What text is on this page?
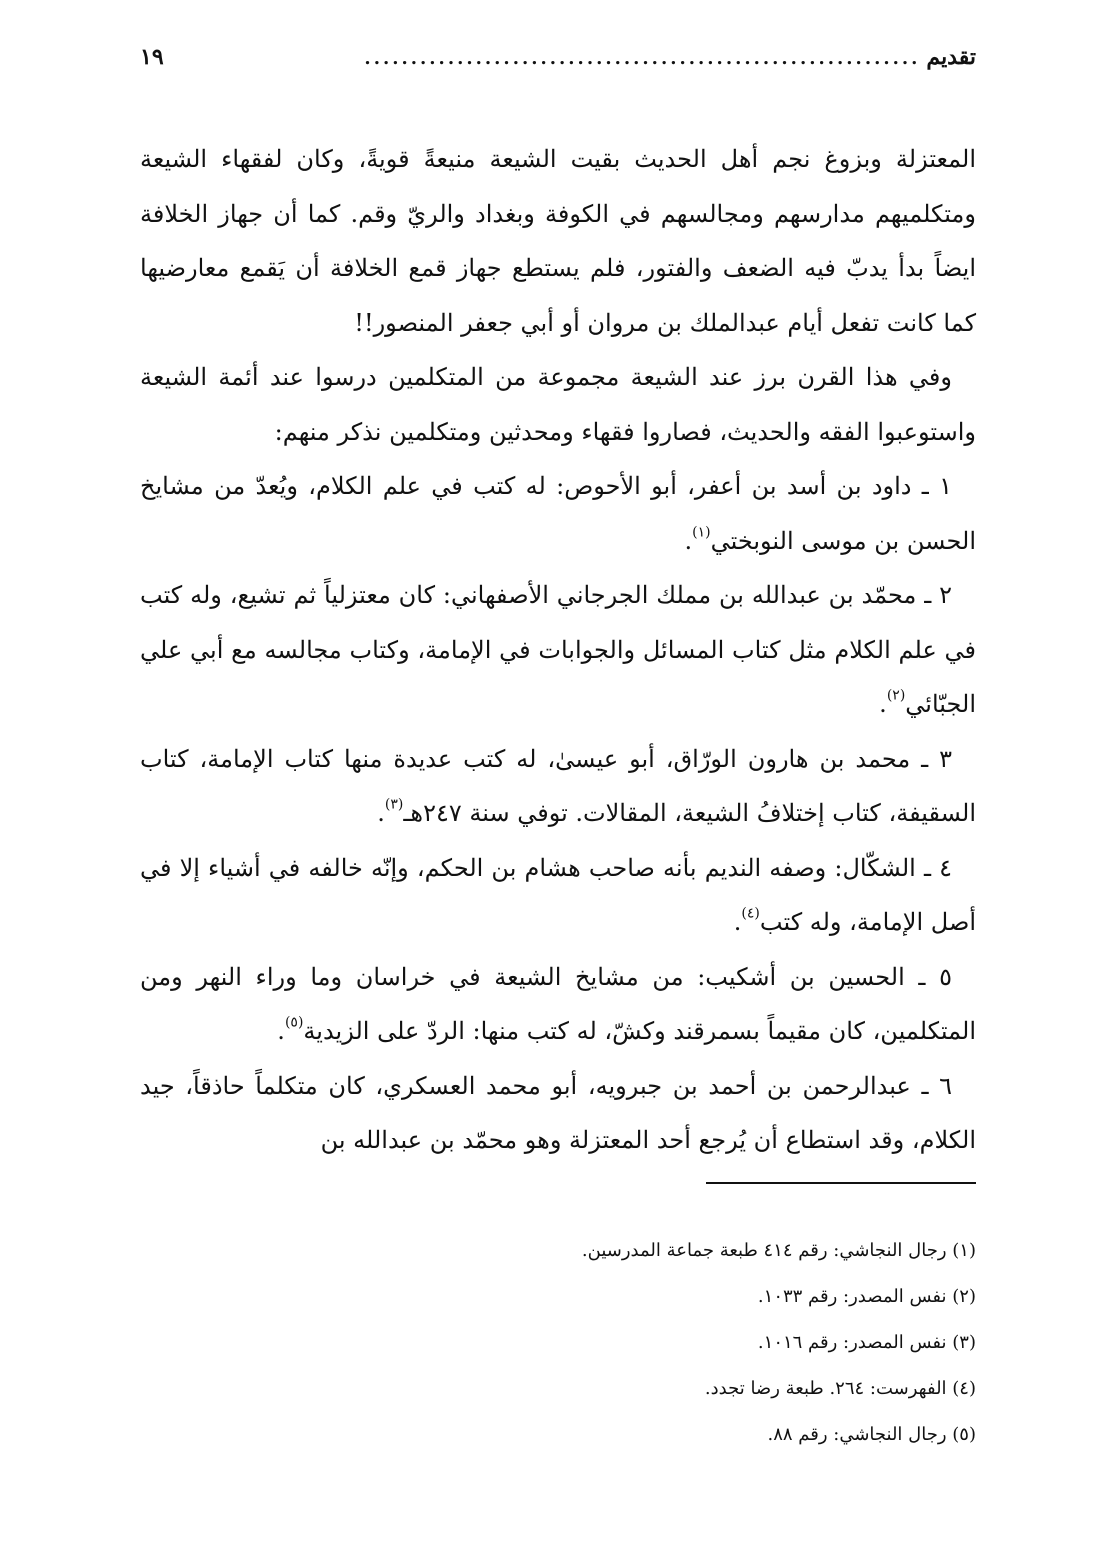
تقديم
............................................................
١٩

المعتزلة وبزوغ نجم أهل الحديث بقيت الشيعة منيعةً قويةً، وكان لفقهاء الشيعة ومتكلميهم مدارسهم ومجالسهم في الكوفة وبغداد والريّ وقم. كما أن جهاز الخلافة ايضاً بدأ يدبّ فيه الضعف والفتور، فلم يستطع جهاز قمع الخلافة أن يَقمع معارضيها كما كانت تفعل أيام عبدالملك بن مروان أو أبي جعفر المنصور!!

وفي هذا القرن برز عند الشيعة مجموعة من المتكلمين درسوا عند أئمة الشيعة واستوعبوا الفقه والحديث، فصاروا فقهاء ومحدثين ومتكلمين نذكر منهم:

١ ـ داود بن أسد بن أعفر، أبو الأحوص: له كتب في علم الكلام، ويُعدّ من مشايخ الحسن بن موسى النوبختي$^{(١)}$.

٢ ـ محمّد بن عبدالله بن مملك الجرجاني الأصفهاني: كان معتزلياً ثم تشيع، وله كتب في علم الكلام مثل كتاب المسائل والجوابات في الإمامة، وكتاب مجالسه مع أبي علي الجبّائي$^{(٢)}$.

٣ ـ محمد بن هارون الورّاق، أبو عيسىٰ، له كتب عديدة منها كتاب الإمامة، كتاب السقيفة، كتاب إختلافُ الشيعة، المقالات. توفي سنة ٢٤٧هـ$^{(٣)}$.

٤ ـ الشكّال: وصفه النديم بأنه صاحب هشام بن الحكم، وإنّه خالفه في أشياء إلا في أصل الإمامة، وله كتب$^{(٤)}$.

٥ ـ الحسين بن أشكيب: من مشايخ الشيعة في خراسان وما وراء النهر ومن المتكلمين، كان مقيماً بسمرقند وكشّ، له كتب منها: الردّ على الزيدية$^{(٥)}$.

٦ ـ عبدالرحمن بن أحمد بن جبرويه، أبو محمد العسكري، كان متكلماً حاذقاً، جيد الكلام، وقد استطاع أن يُرجع أحد المعتزلة وهو محمّد بن عبدالله بن

(١) رجال النجاشي: رقم ٤١٤ طبعة جماعة المدرسين.
(٢) نفس المصدر: رقم ١٠٣٣.
(٣) نفس المصدر: رقم ١٠١٦.
(٤) الفهرست: ٢٦٤. طبعة رضا تجدد.
(٥) رجال النجاشي: رقم ٨٨.
